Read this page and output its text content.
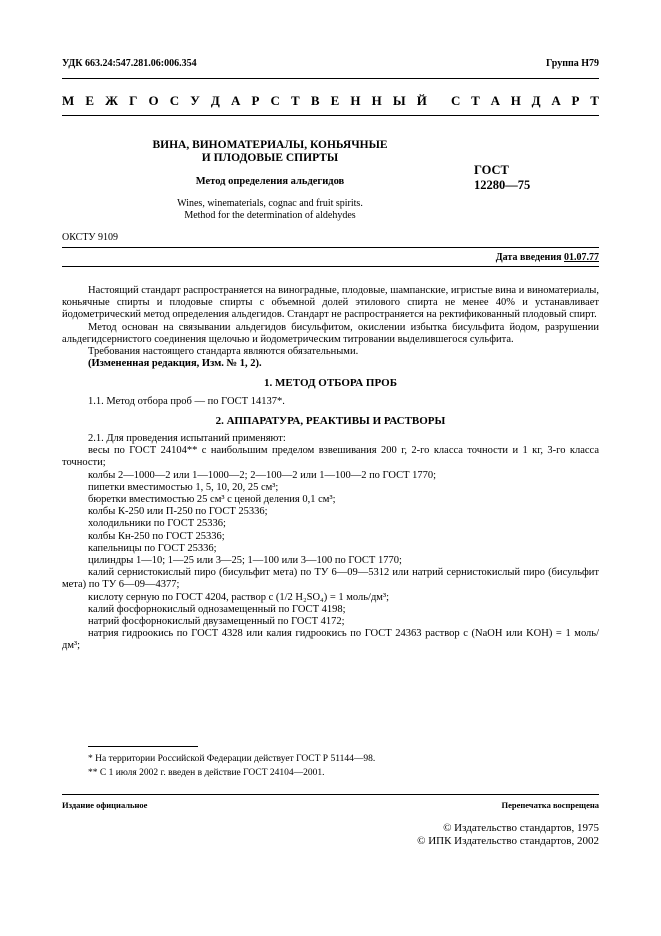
УДК 663.24:547.281.06:006.354	Группа Н79
М Е Ж Г О С У Д А Р С Т В Е Н Н Ы Й С Т А Н Д А Р Т
ВИНА, ВИНОМАТЕРИАЛЫ, КОНЬЯЧНЫЕ
И ПЛОДОВЫЕ СПИРТЫ
Метод определения альдегидов
Wines, winematerials, cognac and fruit spirits.
Method for the determination of aldehydes
ГОСТ
12280—75
ОКСТУ 9109
Дата введения 01.07.77

Настоящий стандарт распространяется на виноградные, плодовые, шампанские, игристые вина и виноматериалы, коньячные спирты и плодовые спирты с объемной долей этилового спирта не менее 40% и устанавливает йодометрический метод определения альдегидов. Стандарт не распространяется на ректификованный плодовый спирт.

Метод основан на связывании альдегидов бисульфитом, окислении избытка бисульфита йодом, разрушении альдегидсернистого соединения щелочью и йодометрическим титровании выделившегося сульфита.

Требования настоящего стандарта являются обязательными.

(Измененная редакция, Изм. № 1, 2).

1. МЕТОД ОТБОРА ПРОБ

1.1. Метод отбора проб — по ГОСТ 14137*.

2. АППАРАТУРА, РЕАКТИВЫ И РАСТВОРЫ

2.1. Для проведения испытаний применяют:

весы по ГОСТ 24104** с наибольшим пределом взвешивания 200 г, 2-го класса точности и 1 кг, 3-го класса точности;

колбы 2—1000—2 или 1—1000—2; 2—100—2 или 1—100—2 по ГОСТ 1770;

пипетки вместимостью 1, 5, 10, 20, 25 см³;

бюретки вместимостью 25 см³ с ценой деления 0,1 см³;

колбы К-250 или П-250 по ГОСТ 25336;

холодильники по ГОСТ 25336;

колбы Кн-250 по ГОСТ 25336;

капельницы по ГОСТ 25336;

цилиндры 1—10; 1—25 или 3—25; 1—100 или 3—100 по ГОСТ 1770;

калий сернистокислый пиро (бисульфит мета) по ТУ 6—09—5312 или натрий сернистокислый пиро (бисульфит мета) по ТУ 6—09—4377;

кислоту серную по ГОСТ 4204, раствор с (1/2 H₂SO₄) = 1 моль/дм³;

калий фосфорнокислый однозамещенный по ГОСТ 4198;

натрий фосфорнокислый двузамещенный по ГОСТ 4172;

натрия гидроокись по ГОСТ 4328 или калия гидроокись по ГОСТ 24363 раствор с (NaOH или KOH) = 1 моль/дм³;

* На территории Российской Федерации действует ГОСТ Р 51144—98.

** С 1 июля 2002 г. введен в действие ГОСТ 24104—2001.

Издание официальное	Перепечатка воспрещена
© Издательство стандартов, 1975
© ИПК Издательство стандартов, 2002
